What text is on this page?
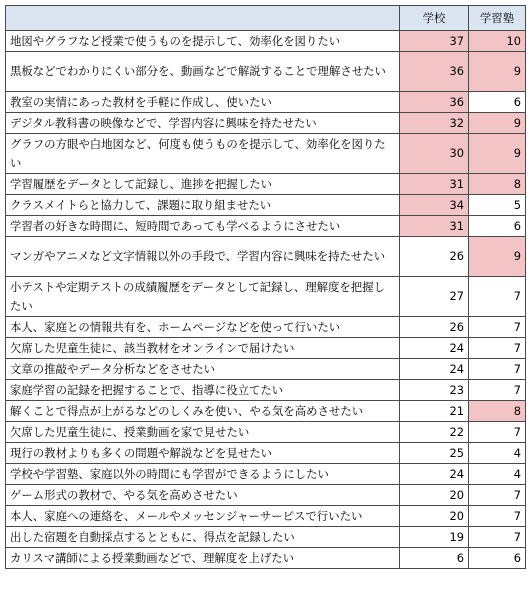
	学校	学習塾
地図やグラフなど授業で使うものを提示して、効率化を図りたい	37	10
黒板などでわかりにくい部分を、動画などで解説することで理解させたい	36	9
教室の実情にあった教材を手軽に作成し、使いたい	36	6
デジタル教科書の映像などで、学習内容に興味を持たせたい	32	9
グラフの方眼や白地図など、何度も使うものを提示して、効率化を図りたい	30	9
学習履歴をデータとして記録し、進捗を把握したい	31	8
クラスメイトらと協力して、課題に取り組ませたい	34	5
学習者の好きな時間に、短時間であっても学べるようにさせたい	31	6
マンガやアニメなど文字情報以外の手段で、学習内容に興味を持たせたい	26	9
小テストや定期テストの成績履歴をデータとして記録し、理解度を把握したい	27	7
本人、家庭との情報共有を、ホームページなどを使って行いたい	26	7
欠席した児童生徒に、該当教材をオンラインで届けたい	24	7
文章の推敲やデータ分析などをさせたい	24	7
家庭学習の記録を把握することで、指導に役立てたい	23	7
解くことで得点が上がるなどのしくみを使い、やる気を高めさせたい	21	8
欠席した児童生徒に、授業動画を家で見せたい	22	7
現行の教材よりも多くの問題や解説などを見せたい	25	4
学校や学習塾、家庭以外の時間にも学習ができるようにしたい	24	4
ゲーム形式の教材で、やる気を高めさせたい	20	7
本人、家庭への連絡を、メールやメッセンジャーサービスで行いたい	20	7
出した宿題を自動採点するとともに、得点を記録したい	19	7
カリスマ講師による授業動画などで、理解度を上げたい	6	6
